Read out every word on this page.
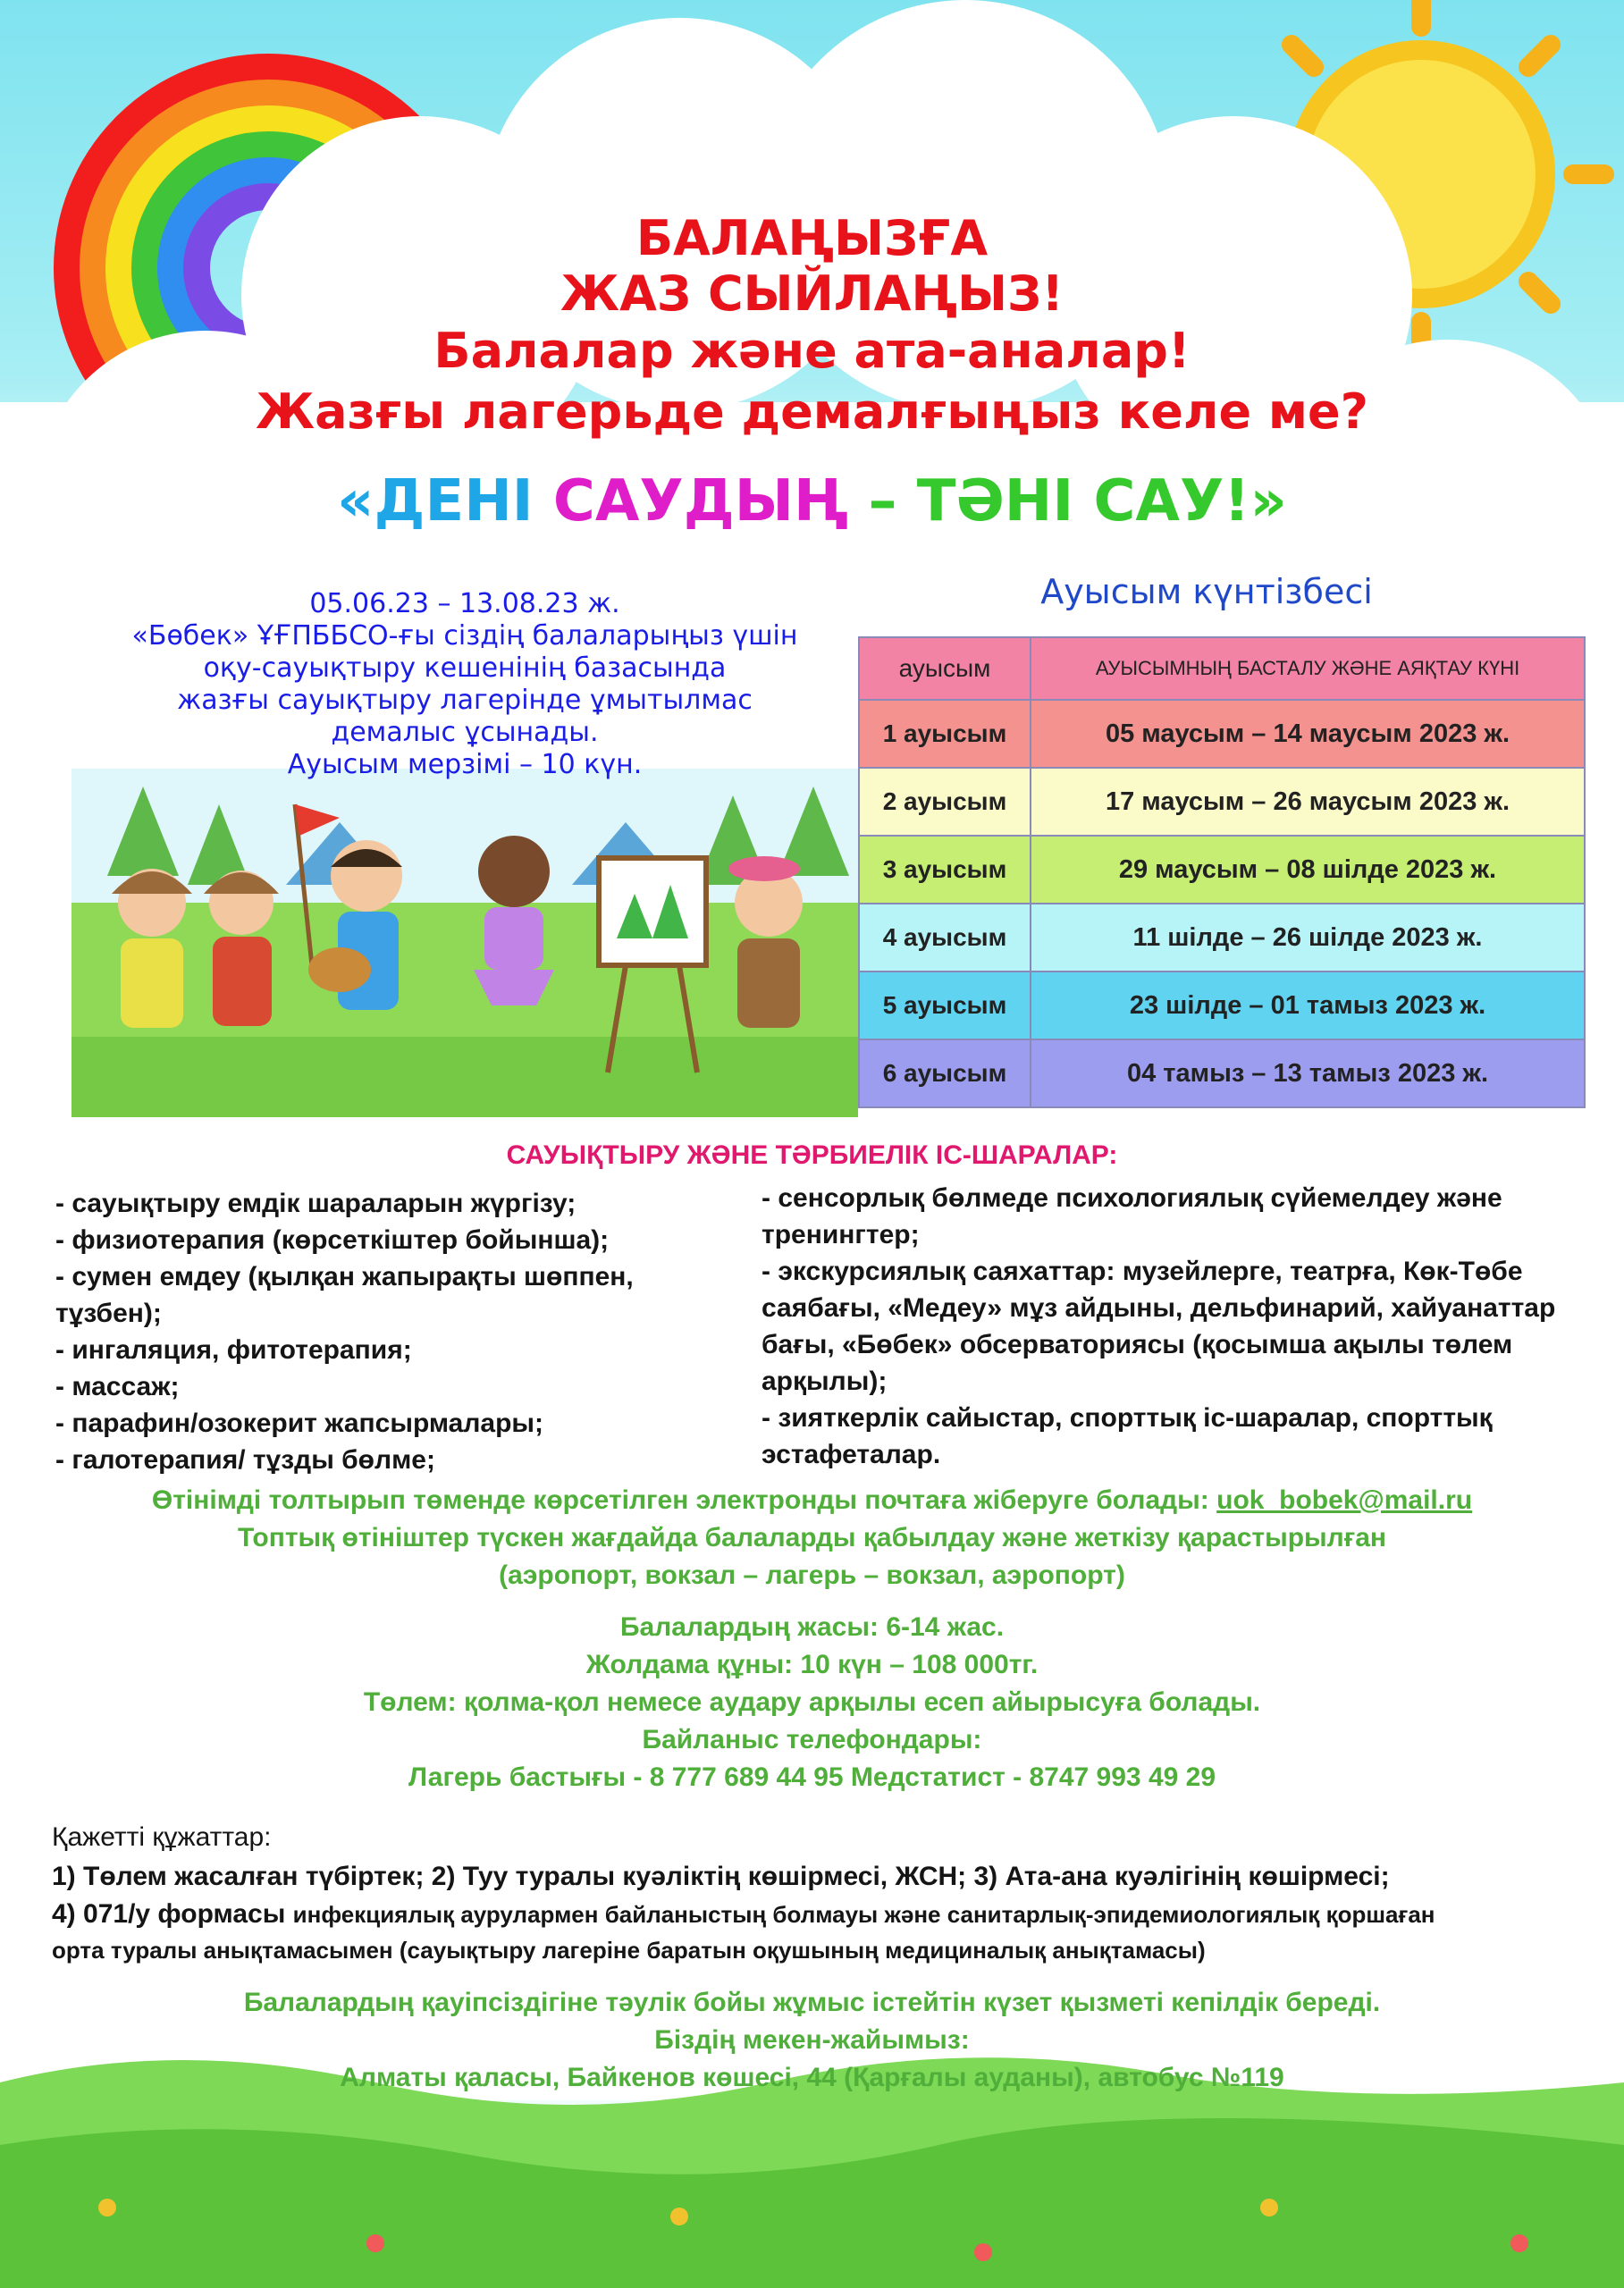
БАЛАҢЫЗҒА

ЖАЗ СЫЙЛАҢЫЗ!

Балалар және ата-аналар!

Жазғы лагерьде демалғыңыз келе ме?

«ДЕНІ САУДЫҢ – ТӘНІ САУ!»

05.06.23 – 13.08.23 ж.
«Бөбек» ҰҒПББСО-ғы сіздің балаларыңыз үшін
оқу-сауықтыру кешенінің базасында
жазғы сауықтыру лагерінде ұмытылмас
демалыс ұсынады.
Ауысым мерзімі – 10 күн.

Ауысым күнтізбесі

ауысым	АУЫСЫМНЫҢ БАСТАЛУ ЖӘНЕ АЯҚТАУ КҮНІ
1 ауысым	05 маусым – 14 маусым 2023 ж.
2 ауысым	17 маусым – 26 маусым 2023 ж.
3 ауысым	29 маусым – 08 шілде 2023 ж.
4 ауысым	11 шілде – 26 шілде 2023 ж.
5 ауысым	23 шілде – 01 тамыз 2023 ж.
6 ауысым	04 тамыз – 13 тамыз 2023 ж.

САУЫҚТЫРУ ЖӘНЕ ТӘРБИЕЛІК ІС-ШАРАЛАР:

- сауықтыру емдік шараларын жүргізу;
- физиотерапия (көрсеткіштер бойынша);
- сумен емдеу (қылқан жапырақты шөппен, тұзбен);
- ингаляция, фитотерапия;
- массаж;
- парафин/озокерит жапсырмалары;
- галотерапия/ тұзды бөлме;
- сенсорлық бөлмеде психологиялық сүйемелдеу және тренингтер;
- экскурсиялық саяхаттар: музейлерге, театрға, Көк-Төбе саябағы, «Медеу» мұз айдыны, дельфинарий, хайуанаттар бағы, «Бөбек» обсерваториясы (қосымша ақылы төлем арқылы);
- зияткерлік сайыстар, спорттық іс-шаралар, спорттық эстафеталар.

Өтінімді толтырып төменде көрсетілген электронды почтаға жіберуге болады: uok_bobek@mail.ru

Топтық өтініштер түскен жағдайда балаларды қабылдау және жеткізу қарастырылған

(аэропорт, вокзал – лагерь – вокзал, аэропорт)

Балалардың жасы: 6-14 жас.

Жолдама құны: 10 күн – 108 000тг.

Төлем: қолма-қол немесе аудару арқылы есеп айырысуға болады.

Байланыс телефондары:

Лагерь бастығы - 8 777 689 44 95 Медстатист - 8747 993 49 29

Қажетті құжаттар:

1) Төлем жасалған түбіртек; 2) Туу туралы куәліктің көшірмесі, ЖСН; 3) Ата-ана куәлігінің көшірмесі;

4) 071/у формасы инфекциялық аурулармен байланыстың болмауы және санитарлық-эпидемиологиялық қоршаған

орта туралы анықтамасымен (сауықтыру лагеріне баратын оқушының медициналық анықтамасы)

Балалардың қауіпсіздігіне тәулік бойы жұмыс істейтін күзет қызметі кепілдік береді.

Біздің мекен-жайымыз:

Алматы қаласы, Байкенов көшесі, 44 (Қарғалы ауданы), автобус №119
